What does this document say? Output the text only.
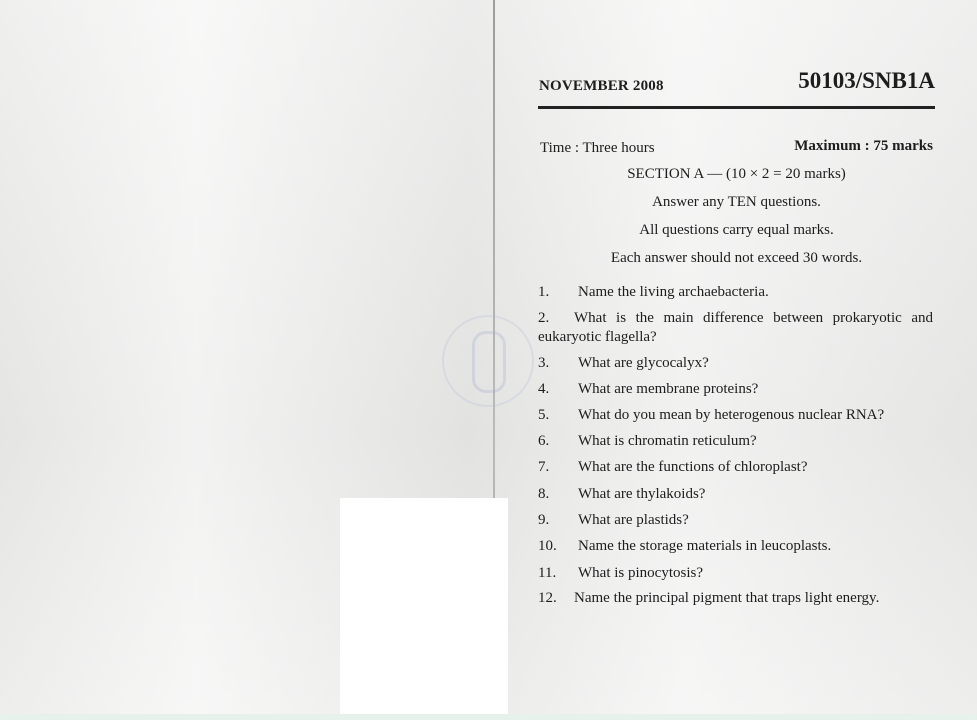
NOVEMBER 2008	50103/SNB1A
Time : Three hours	Maximum : 75 marks
SECTION A — (10 × 2 = 20 marks)
Answer any TEN questions.
All questions carry equal marks.
Each answer should not exceed 30 words.
1. Name the living archaebacteria.
2. What is the main difference between prokaryotic and eukaryotic flagella?
3. What are glycocalyx?
4. What are membrane proteins?
5. What do you mean by heterogenous nuclear RNA?
6. What is chromatin reticulum?
7. What are the functions of chloroplast?
8. What are thylakoids?
9. What are plastids?
10. Name the storage materials in leucoplasts.
11. What is pinocytosis?
12. Name the principal pigment that traps light energy.
